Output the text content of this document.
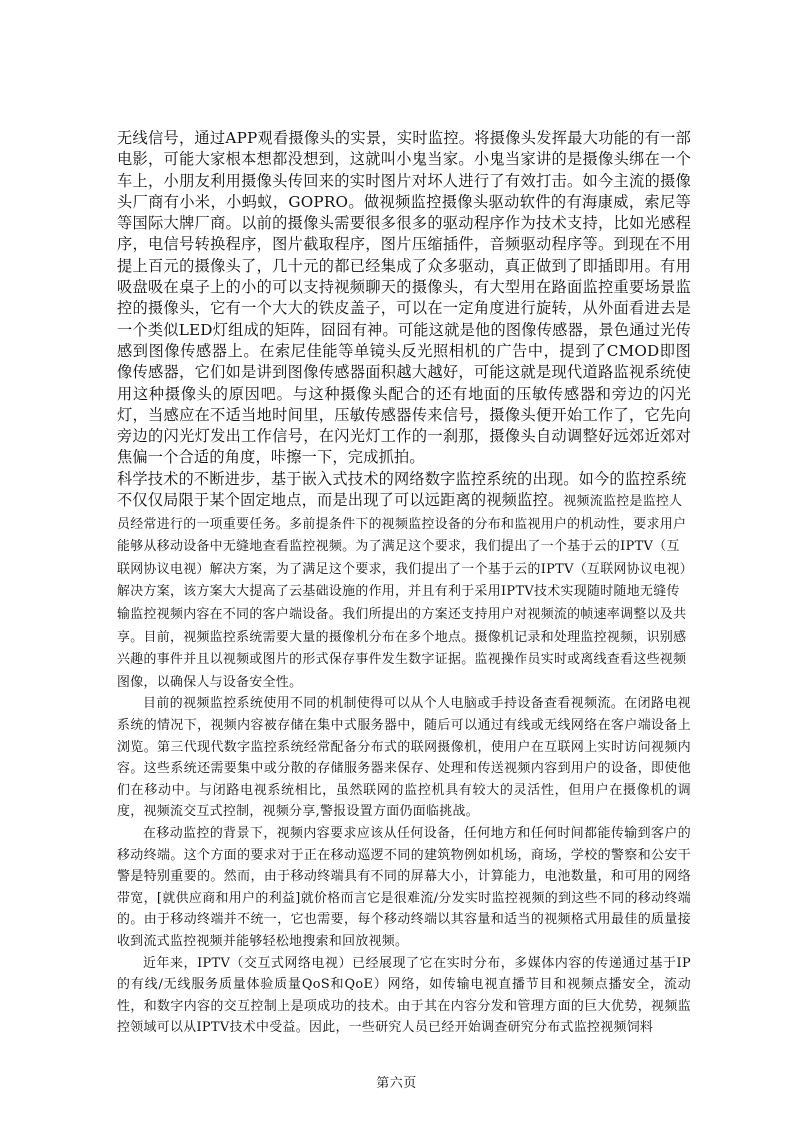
无线信号，通过APP观看摄像头的实景，实时监控。将摄像头发挥最大功能的有一部电影，可能大家根本想都没想到，这就叫小鬼当家。小鬼当家讲的是摄像头绑在一个车上，小朋友利用摄像头传回来的实时图片对坏人进行了有效打击。如今主流的摄像头厂商有小米，小蚂蚁，GOPRO。做视频监控摄像头驱动软件的有海康威，索尼等等国际大牌厂商。以前的摄像头需要很多很多的驱动程序作为技术支持，比如光感程序，电信号转换程序，图片截取程序，图片压缩插件，音频驱动程序等。到现在不用提上百元的摄像头了，几十元的都已经集成了众多驱动，真正做到了即插即用。有用吸盘吸在桌子上的小的可以支持视频聊天的摄像头，有大型用在路面监控重要场景监控的摄像头，它有一个大大的铁皮盖子，可以在一定角度进行旋转，从外面看进去是一个类似LED灯组成的矩阵，囧囧有神。可能这就是他的图像传感器，景色通过光传感到图像传感器上。在索尼佳能等单镜头反光照相机的广告中，提到了CMOD即图像传感器，它们如是讲到图像传感器面积越大越好，可能这就是现代道路监视系统使用这种摄像头的原因吧。与这种摄像头配合的还有地面的压敏传感器和旁边的闪光灯，当感应在不适当地时间里，压敏传感器传来信号，摄像头便开始工作了，它先向旁边的闪光灯发出工作信号，在闪光灯工作的一刹那，摄像头自动调整好远郊近郊对焦偏一个合适的角度，咔擦一下，完成抓拍。

科学技术的不断进步，基于嵌入式技术的网络数字监控系统的出现。如今的监控系统不仅仅局限于某个固定地点，而是出现了可以远距离的视频监控。

视频流监控是监控人员经常进行的一项重要任务。多前提条件下的视频监控设备的分布和监视用户的机动性，要求用户能够从移动设备中无缝地查看监控视频。为了满足这个要求，我们提出了一个基于云的IPTV（互联网协议电视）解决方案，为了满足这个要求，我们提出了一个基于云的IPTV（互联网协议电视）解决方案，该方案大大提高了云基础设施的作用，并且有利于采用IPTV技术实现随时随地无缝传输监控视频内容在不同的客户端设备。我们所提出的方案还支持用户对视频流的帧速率调整以及共享。目前，视频监控系统需要大量的摄像机分布在多个地点。摄像机记录和处理监控视频，识别感兴趣的事件并且以视频或图片的形式保存事件发生数字证据。监视操作员实时或离线查看这些视频图像，以确保人与设备安全性。

目前的视频监控系统使用不同的机制使得可以从个人电脑或手持设备查看视频流。在闭路电视系统的情况下，视频内容被存储在集中式服务器中，随后可以通过有线或无线网络在客户端设备上浏览。第三代现代数字监控系统经常配备分布式的联网摄像机，使用户在互联网上实时访问视频内容。这些系统还需要集中或分散的存储服务器来保存、处理和传送视频内容到用户的设备，即使他们在移动中。与闭路电视系统相比，虽然联网的监控机具有较大的灵活性，但用户在摄像机的调度，视频流交互式控制，视频分享,警报设置方面仍面临挑战。

在移动监控的背景下，视频内容要求应该从任何设备，任何地方和任何时间都能传输到客户的移动终端。这个方面的要求对于正在移动巡逻不同的建筑物例如机场，商场，学校的警察和公安干警是特别重要的。然而，由于移动终端具有不同的屏幕大小，计算能力，电池数量，和可用的网络带宽，[就供应商和用户的利益]就价格而言它是很难流/分发实时监控视频的到这些不同的移动终端的。由于移动终端并不统一，它也需要，每个移动终端以其容量和适当的视频格式用最佳的质量接收到流式监控视频并能够轻松地搜索和回放视频。

近年来，IPTV（交互式网络电视）已经展现了它在实时分布，多媒体内容的传递通过基于IP的有线/无线服务质量体验质量QoS和QoE）网络，如传输电视直播节目和视频点播安全，流动性，和数字内容的交互控制上是项成功的技术。由于其在内容分发和管理方面的巨大优势，视频监控领域可以从IPTV技术中受益。因此，一些研究人员已经开始调查研究分布式监控视频饲料

第六页
